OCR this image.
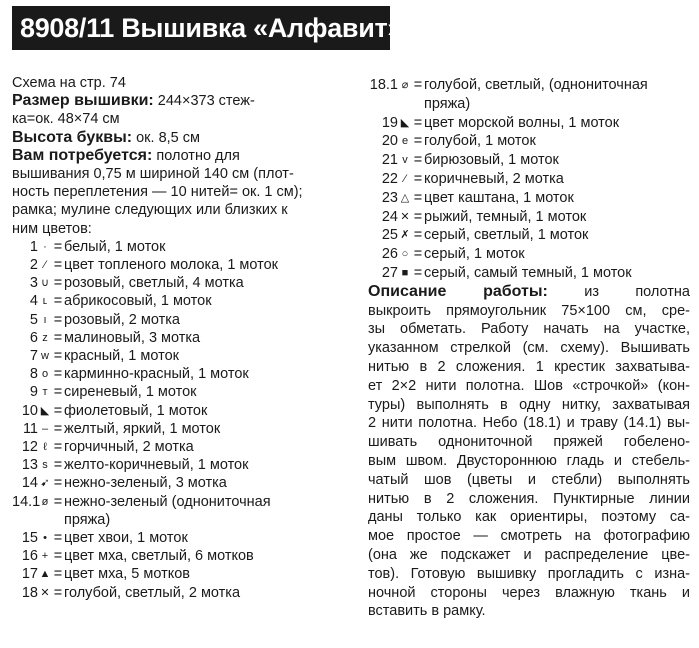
8908/11 Вышивка «Алфавит»
Схема на стр. 74
Размер вышивки: 244×373 стеж-
ка=ок. 48×74 см
Высота буквы: ок. 8,5 см
Вам потребуется: полотно для
вышивания 0,75 м шириной 140 см (плот-
ность переплетения — 10 нитей= ок. 1 см);
рамка; мулине следующих или близких к
ним цветов:
1 · = белый, 1 моток
2 ⁄ = цвет топленого молока, 1 моток
3 ∪ = розовый, светлый, 4 мотка
4 ʟ = абрикосовый, 1 моток
5 ı = розовый, 2 мотка
6 z = малиновый, 3 мотка
7 w = красный, 1 моток
8 o = карминно-красный, 1 моток
9 т = сиреневый, 1 моток
10 ◣ = фиолетовый, 1 моток
11 – = желтый, яркий, 1 моток
12 ℓ = горчичный, 2 мотка
13 s = желто-коричневый, 1 моток
14 ➹ = нежно-зеленый, 3 мотка
14.1 ø = нежно-зеленый (однониточная
пряжа)
15 • = цвет хвои, 1 моток
16 + = цвет мха, светлый, 6 мотков
17 ▲ = цвет мха, 5 мотков
18 ✕ = голубой, светлый, 2 мотка
18.1 ⌀ = голубой, светлый, (однониточная
пряжа)
19 ◣ = цвет морской волны, 1 моток
20 e = голубой, 1 моток
21 v = бирюзовый, 1 моток
22 ⁄ = коричневый, 2 мотка
23 △ = цвет каштана, 1 моток
24 ✕ = рыжий, темный, 1 моток
25 ✗ = серый, светлый, 1 моток
26 ○ = серый, 1 моток
27 ■ = серый, самый темный, 1 моток
Описание работы:	из полотна
выкроить прямоугольник 75×100 см, сре-
зы обметать. Работу начать на участке,
указанном стрелкой (см. схему). Вышивать
нитью в 2 сложения. 1 крестик захватыва-
ет 2×2 нити полотна. Шов «строчкой» (кон-
туры) выполнять в одну нитку, захватывая
2 нити полотна. Небо (18.1) и траву (14.1) вы-
шивать однониточной пряжей гобелено-
вым швом. Двустороннюю гладь и стебель-
чатый шов (цветы и стебли) выполнять
нитью в 2 сложения. Пунктирные линии
даны только как ориентиры, поэтому са-
мое простое — смотреть на фотографию
(она же подскажет и распределение цве-
тов). Готовую вышивку прогладить с изна-
ночной стороны через влажную ткань и
вставить в рамку.
